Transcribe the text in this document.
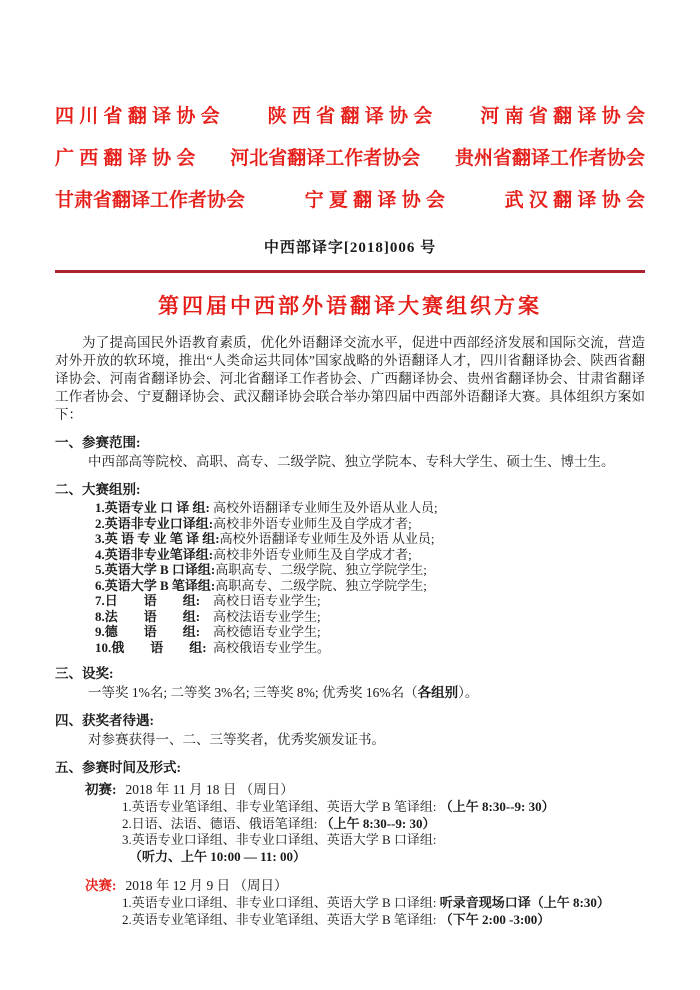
四 川 省 翻 译 协 会	陕 西 省 翻 译 协 会	河 南 省 翻 译 协 会
广 西 翻 译 协 会 河北省翻译工作者协会 贵州省翻译工作者协会
甘肃省翻译工作者协会	宁 夏 翻 译 协 会	武 汉 翻 译 协 会
中西部译字[2018]006 号
第四届中西部外语翻译大赛组织方案

为了提高国民外语教育素质，优化外语翻译交流水平，促进中西部经济发展和国际交流，营造对外开放的软环境，推出“人类命运共同体”国家战略的外语翻译人才，四川省翻译协会、陕西省翻译协会、河南省翻译协会、河北省翻译工作者协会、广西翻译协会、贵州省翻译协会、甘肃省翻译工作者协会、宁夏翻译协会、武汉翻译协会联合举办第四届中西部外语翻译大赛。具体组织方案如下：

一、参赛范围:
中西部高等院校、高职、高专、二级学院、独立学院本、专科大学生、硕士生、博士生。
二、大赛组别:
1.英语专业 口 译 组: 高校外语翻译专业师生及外语从业人员;
2.英语非专业口译组: 高校非外语专业师生及自学成才者;
3.英 语 专 业 笔 译 组: 高校外语翻译专业师生及外语 从业员;
4.英语非专业笔译组: 高校非外语专业师生及自学成才者;
5.英语大学 B 口译组: 高职高专、二级学院、独立学院学生;
6.英语大学 B 笔译组: 高职高专、二级学院、独立学院学生;
7.日　　语　　组: 高校日语专业学生;
8.法　　语　　组: 高校法语专业学生;
9.德　　语　　组: 高校德语专业学生;
10.俄　　语　　组: 高校俄语专业学生。
三、设奖:
一等奖 1%名; 二等奖 3%名; 三等奖 8%; 优秀奖 16%名（各组别）。
四、获奖者待遇:
对参赛获得一、二、三等奖者，优秀奖颁发证书。
五、参赛时间及形式:
初赛: 2018 年 11 月 18 日 （周日）
1.英语专业笔译组、非专业笔译组、英语大学 B 笔译组: （上午 8:30--9: 30）
2.日语、法语、德语、俄语笔译组: （上午 8:30--9: 30）
3.英语专业口译组、非专业口译组、英语大学 B 口译组:
（听力、上午 10:00 — 11: 00）
决赛: 2018 年 12 月 9 日 （周日）
1.英语专业口译组、非专业口译组、英语大学 B 口译组: 听录音现场口译（上午 8:30）
2.英语专业笔译组、非专业笔译组、英语大学 B 笔译组: （下午 2:00 -3:00）
